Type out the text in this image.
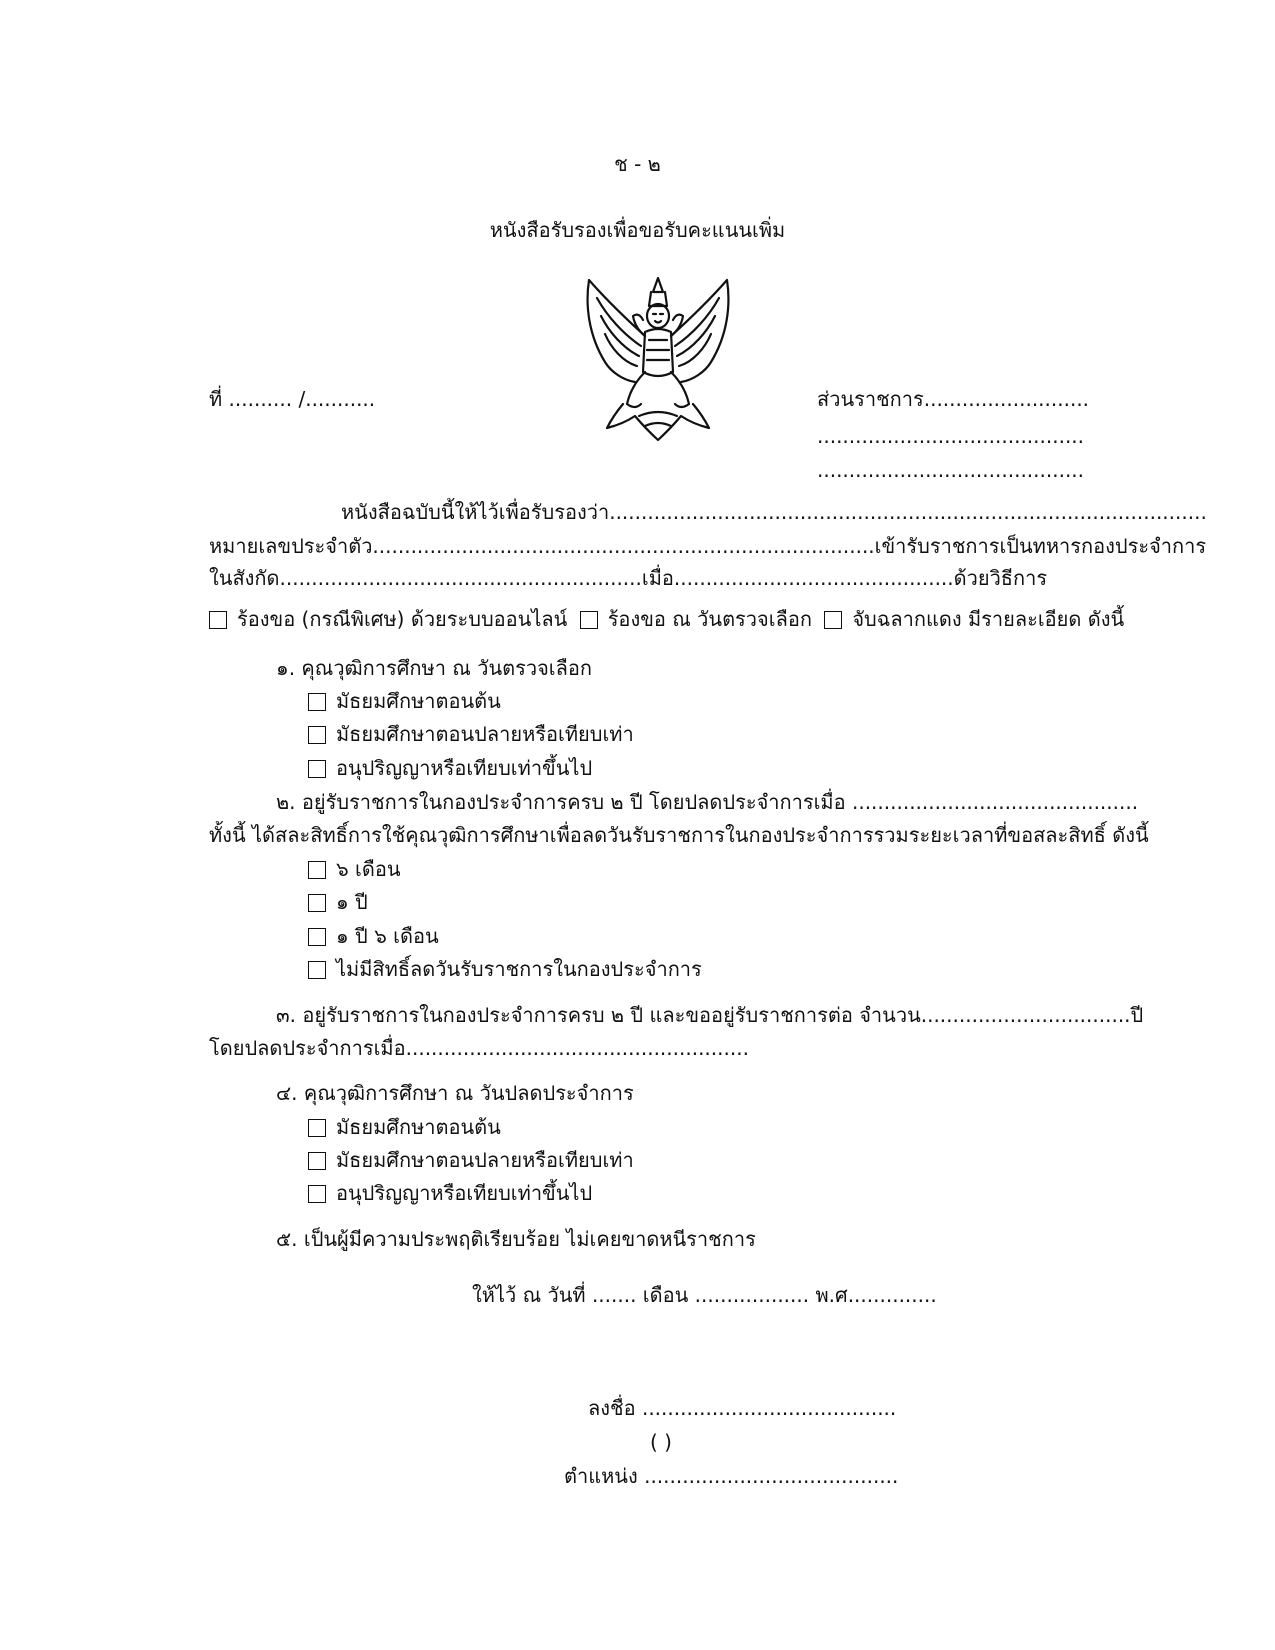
ช - ๒
หนังสือรับรองเพื่อขอรับคะแนนเพิ่ม
ที่ .......... /...........	ส่วนราชการ..........................
..........................................
..........................................
หนังสือฉบับนี้ให้ไว้เพื่อรับรองว่า..............................................................................................
หมายเลขประจำตัว...............................................................................เข้ารับราชการเป็นทหารกองประจำการ
ในสังกัด.........................................................เมื่อ............................................ด้วยวิธีการ
ร้องขอ (กรณีพิเศษ) ด้วยระบบออนไลน์ ร้องขอ ณ วันตรวจเลือก จับฉลากแดง มีรายละเอียด ดังนี้
๑. คุณวุฒิการศึกษา ณ วันตรวจเลือก
มัธยมศึกษาตอนต้น
มัธยมศึกษาตอนปลายหรือเทียบเท่า
อนุปริญญาหรือเทียบเท่าขึ้นไป
๒. อยู่รับราชการในกองประจำการครบ ๒ ปี โดยปลดประจำการเมื่อ .............................................
ทั้งนี้ ได้สละสิทธิ์การใช้คุณวุฒิการศึกษาเพื่อลดวันรับราชการในกองประจำการรวมระยะเวลาที่ขอสละสิทธิ์ ดังนี้
๖ เดือน
๑ ปี
๑ ปี ๖ เดือน
ไม่มีสิทธิ์ลดวันรับราชการในกองประจำการ
๓. อยู่รับราชการในกองประจำการครบ ๒ ปี และขออยู่รับราชการต่อ จำนวน.................................ปี
โดยปลดประจำการเมื่อ......................................................
๔. คุณวุฒิการศึกษา ณ วันปลดประจำการ
มัธยมศึกษาตอนต้น
มัธยมศึกษาตอนปลายหรือเทียบเท่า
อนุปริญญาหรือเทียบเท่าขึ้นไป
๕. เป็นผู้มีความประพฤติเรียบร้อย ไม่เคยขาดหนีราชการ
ให้ไว้ ณ วันที่ ....... เดือน .................. พ.ศ..............
ลงชื่อ ........................................
( )
ตำแหน่ง ........................................
